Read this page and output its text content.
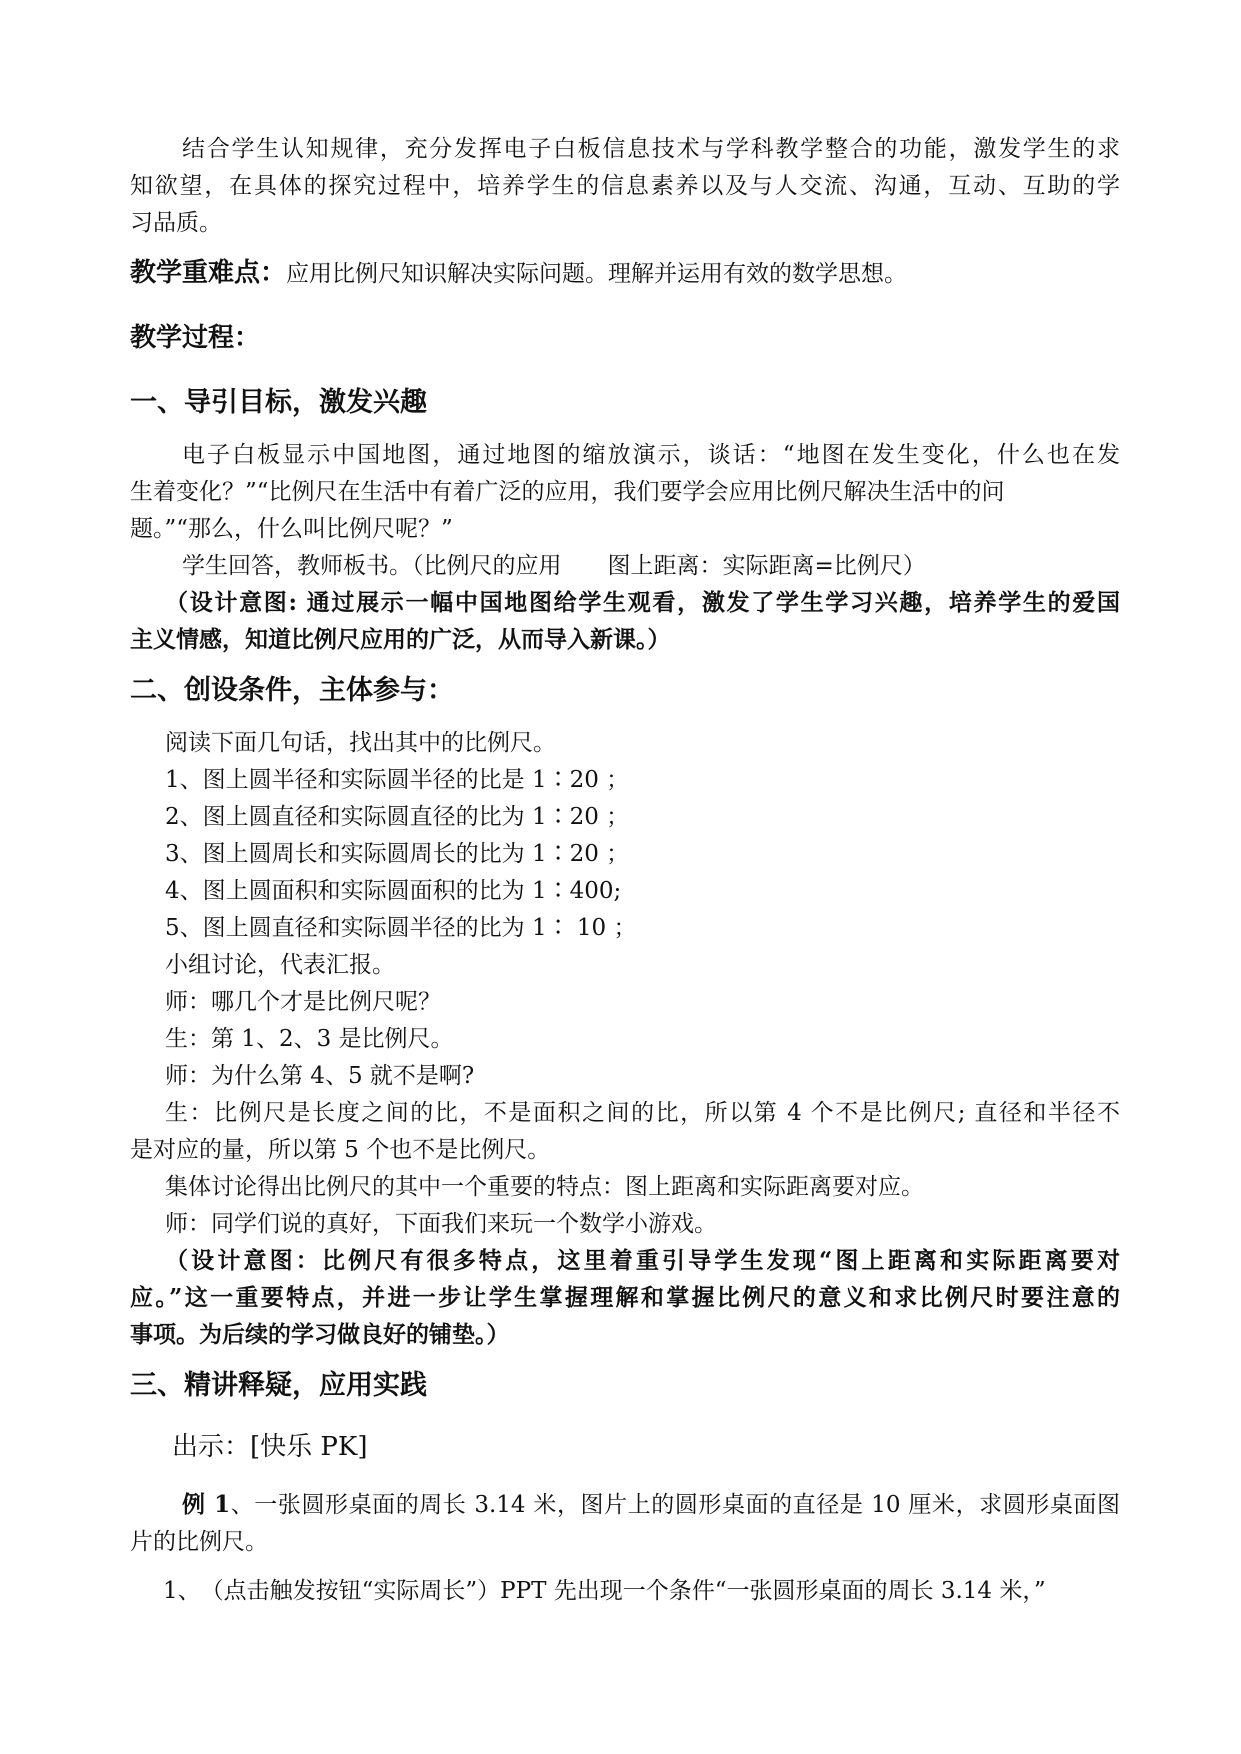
结合学生认知规律，充分发挥电子白板信息技术与学科教学整合的功能，激发学生的求
知欲望，在具体的探究过程中，培养学生的信息素养以及与人交流、沟通，互动、互助的学
习品质。
教学重难点：应用比例尺知识解决实际问题。理解并运用有效的数学思想。
教学过程：
一、导引目标，激发兴趣
电子白板显示中国地图，通过地图的缩放演示，谈话：“地图在发生变化，什么也在发
生着变化？”“比例尺在生活中有着广泛的应用，我们要学会应用比例尺解决生活中的问
题。”“那么，什么叫比例尺呢？”
学生回答，教师板书。（比例尺的应用　　图上距离：实际距离=比例尺）
（设计意图: 通过展示一幅中国地图给学生观看，激发了学生学习兴趣，培养学生的爱国
主义情感，知道比例尺应用的广泛，从而导入新课。）
二、创设条件，主体参与：
阅读下面几句话，找出其中的比例尺。
1、图上圆半径和实际圆半径的比是 1∶20 ；
2、图上圆直径和实际圆直径的比为 1∶20 ；
3、图上圆周长和实际圆周长的比为 1∶20 ；
4、图上圆面积和实际圆面积的比为 1∶400;
5、图上圆直径和实际圆半径的比为 1∶ 10 ；
小组讨论，代表汇报。
师：哪几个才是比例尺呢？
生：第 1、2、3 是比例尺。
师：为什么第 4、5 就不是啊?
生：比例尺是长度之间的比，不是面积之间的比，所以第 4 个不是比例尺; 直径和半径不
是对应的量，所以第 5 个也不是比例尺。
集体讨论得出比例尺的其中一个重要的特点：图上距离和实际距离要对应。
师：同学们说的真好，下面我们来玩一个数学小游戏。
（设计意图：比例尺有很多特点，这里着重引导学生发现“图上距离和实际距离要对
应。”这一重要特点，并进一步让学生掌握理解和掌握比例尺的意义和求比例尺时要注意的
事项。为后续的学习做良好的铺垫。）
三、精讲释疑，应用实践
出示：[快乐 PK]
例 1、一张圆形桌面的周长 3.14 米，图片上的圆形桌面的直径是 10 厘米，求圆形桌面图
片的比例尺。
1、　（点击触发按钮“实际周长”）PPT 先出现一个条件“一张圆形桌面的周长 3.14 米，”
